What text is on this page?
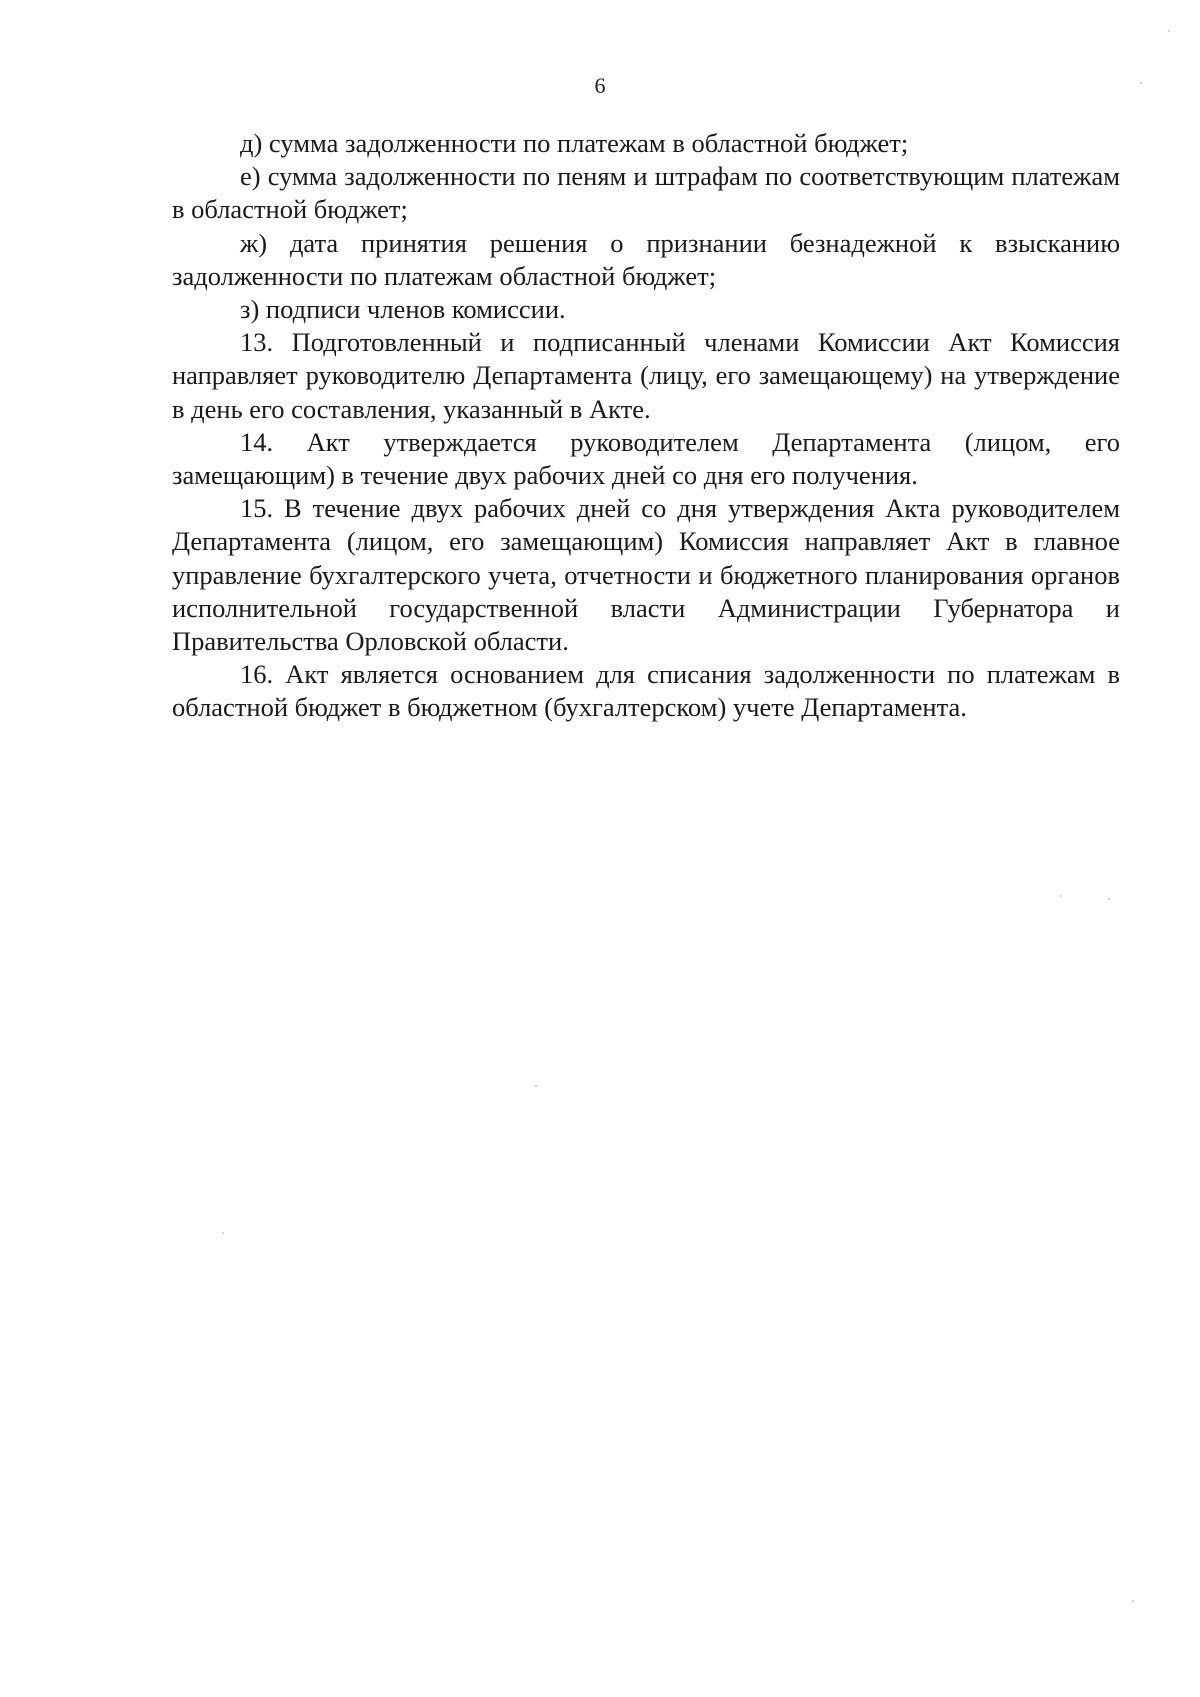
6

д) сумма задолженности по платежам в областной бюджет;

е) сумма задолженности по пеням и штрафам по соответствующим платежам в областной бюджет;

ж) дата принятия решения о признании безнадежной к взысканию задолженности по платежам областной бюджет;

з) подписи членов комиссии.

13. Подготовленный и подписанный членами Комиссии Акт Комиссия направляет руководителю Департамента (лицу, его замещающему) на утверждение в день его составления, указанный в Акте.

14. Акт утверждается руководителем Департамента (лицом, его замещающим) в течение двух рабочих дней со дня его получения.

15. В течение двух рабочих дней со дня утверждения Акта руководителем Департамента (лицом, его замещающим) Комиссия направляет Акт в главное управление бухгалтерского учета, отчетности и бюджетного планирования органов исполнительной государственной власти Администрации Губернатора и Правительства Орловской области.

16. Акт является основанием для списания задолженности по платежам в областной бюджет в бюджетном (бухгалтерском) учете Департамента.
